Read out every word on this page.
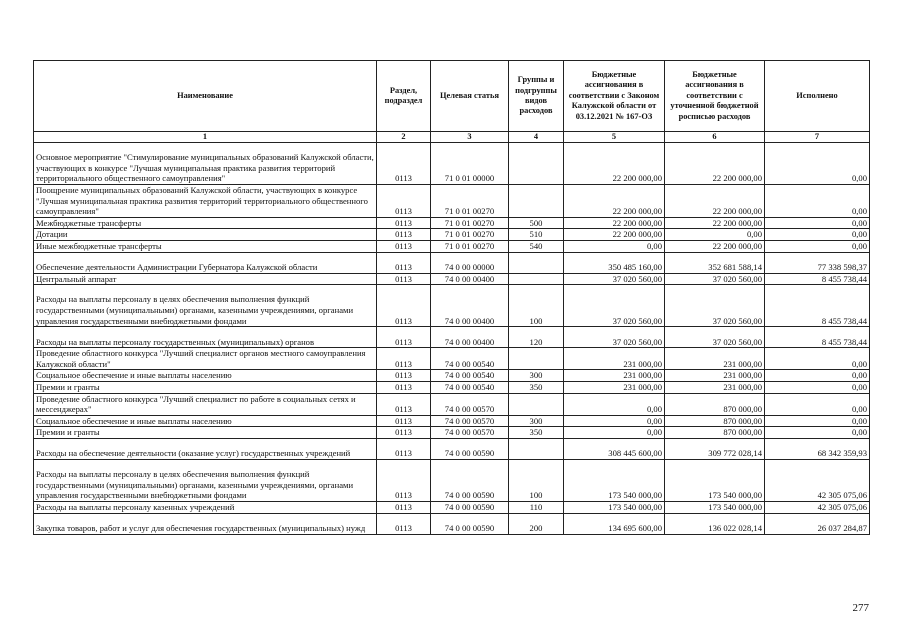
Наименование	Раздел, подраздел	Целевая статья	Группы и подгруппы видов расходов	Бюджетные ассигнования в соответствии с Законом Калужской области от 03.12.2021 № 167-ОЗ	Бюджетные ассигнования в соответствии с уточненной бюджетной росписью расходов	Исполнено
1	2	3	4	5	6	7
Основное мероприятие "Стимулирование муниципальных образований Калужской области, участвующих в конкурсе "Лучшая муниципальная практика развития территорий территориального общественного самоуправления"	0113	71 0 01 00000		22 200 000,00	22 200 000,00	0,00
Поощрение муниципальных образований Калужской области, участвующих в конкурсе "Лучшая муниципальная практика развития территорий территориального общественного самоуправления"	0113	71 0 01 00270		22 200 000,00	22 200 000,00	0,00
Межбюджетные трансферты	0113	71 0 01 00270	500	22 200 000,00	22 200 000,00	0,00
Дотации	0113	71 0 01 00270	510	22 200 000,00	0,00	0,00
Иные межбюджетные трансферты	0113	71 0 01 00270	540	0,00	22 200 000,00	0,00
Обеспечение деятельности Администрации Губернатора Калужской области	0113	74 0 00 00000		350 485 160,00	352 681 588,14	77 338 598,37
Центральный аппарат	0113	74 0 00 00400		37 020 560,00	37 020 560,00	8 455 738,44
Расходы на выплаты персоналу в целях обеспечения выполнения функций государственными (муниципальными) органами, казенными учреждениями, органами управления государственными внебюджетными фондами	0113	74 0 00 00400	100	37 020 560,00	37 020 560,00	8 455 738,44
Расходы на выплаты персоналу государственных (муниципальных) органов	0113	74 0 00 00400	120	37 020 560,00	37 020 560,00	8 455 738,44
Проведение областного конкурса "Лучший специалист органов местного самоуправления Калужской области"	0113	74 0 00 00540		231 000,00	231 000,00	0,00
Социальное обеспечение и иные выплаты населению	0113	74 0 00 00540	300	231 000,00	231 000,00	0,00
Премии и гранты	0113	74 0 00 00540	350	231 000,00	231 000,00	0,00
Проведение областного конкурса "Лучший специалист по работе в социальных сетях и мессенджерах"	0113	74 0 00 00570		0,00	870 000,00	0,00
Социальное обеспечение и иные выплаты населению	0113	74 0 00 00570	300	0,00	870 000,00	0,00
Премии и гранты	0113	74 0 00 00570	350	0,00	870 000,00	0,00
Расходы на обеспечение деятельности (оказание услуг) государственных учреждений	0113	74 0 00 00590		308 445 600,00	309 772 028,14	68 342 359,93
Расходы на выплаты персоналу в целях обеспечения выполнения функций государственными (муниципальными) органами, казенными учреждениями, органами управления государственными внебюджетными фондами	0113	74 0 00 00590	100	173 540 000,00	173 540 000,00	42 305 075,06
Расходы на выплаты персоналу казенных учреждений	0113	74 0 00 00590	110	173 540 000,00	173 540 000,00	42 305 075,06
Закупка товаров, работ и услуг для обеспечения государственных (муниципальных) нужд	0113	74 0 00 00590	200	134 695 600,00	136 022 028,14	26 037 284,87
277
